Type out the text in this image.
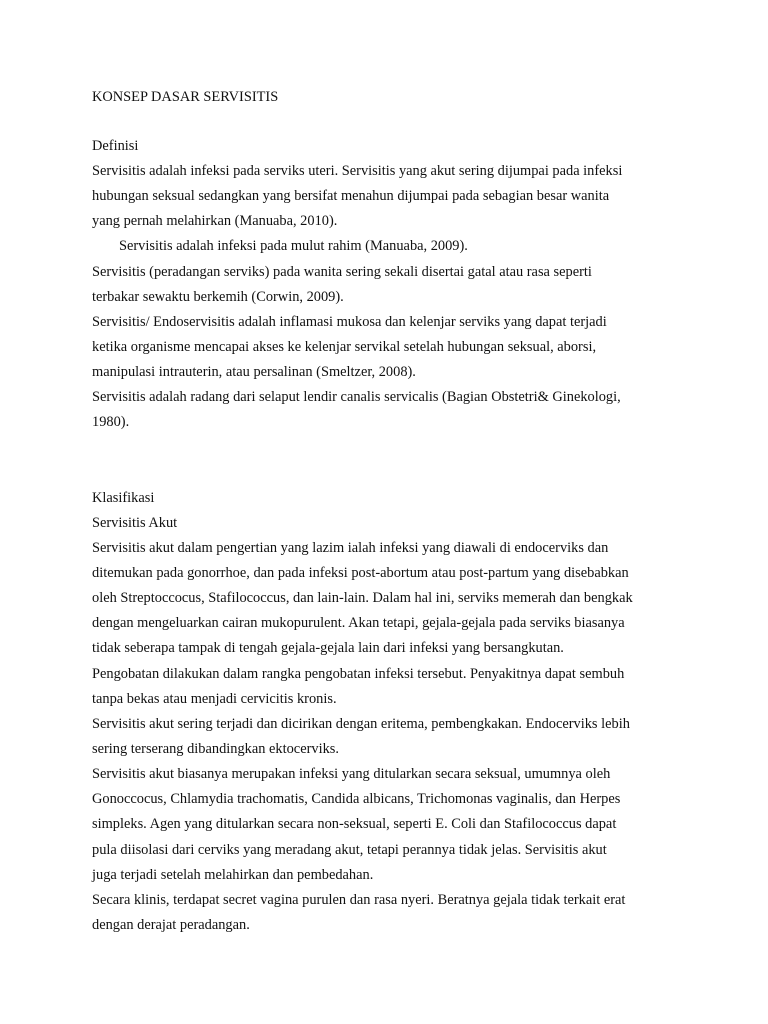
KONSEP DASAR SERVISITIS
Definisi
Servisitis adalah infeksi pada serviks uteri. Servisitis yang akut sering dijumpai pada infeksi
hubungan seksual sedangkan yang bersifat menahun dijumpai pada sebagian besar wanita
yang pernah melahirkan (Manuaba, 2010).
Servisitis adalah infeksi pada mulut rahim (Manuaba, 2009).
Servisitis (peradangan serviks) pada wanita sering sekali disertai gatal atau rasa seperti
terbakar sewaktu berkemih (Corwin, 2009).
Servisitis/ Endoservisitis adalah inflamasi mukosa dan kelenjar serviks yang dapat terjadi
ketika organisme mencapai akses ke kelenjar servikal setelah hubungan seksual, aborsi,
manipulasi intrauterin, atau persalinan (Smeltzer, 2008).
Servisitis adalah radang dari selaput lendir canalis servicalis (Bagian Obstetri& Ginekologi,
1980).
Klasifikasi
Servisitis Akut
Servisitis akut dalam pengertian yang lazim ialah infeksi yang diawali di endocerviks dan
ditemukan pada gonorrhoe, dan pada infeksi post-abortum atau post-partum yang disebabkan
oleh Streptoccocus, Stafilococcus, dan lain-lain. Dalam hal ini, serviks memerah dan bengkak
dengan mengeluarkan cairan mukopurulent. Akan tetapi, gejala-gejala pada serviks biasanya
tidak seberapa tampak di tengah gejala-gejala lain dari infeksi yang bersangkutan.
Pengobatan dilakukan dalam rangka pengobatan infeksi tersebut. Penyakitnya dapat sembuh
tanpa bekas atau menjadi cervicitis kronis.
Servisitis akut sering terjadi dan dicirikan dengan eritema, pembengkakan. Endocerviks lebih
sering terserang dibandingkan ektocerviks.
Servisitis akut biasanya merupakan infeksi yang ditularkan secara seksual, umumnya oleh
Gonoccocus, Chlamydia trachomatis, Candida albicans, Trichomonas vaginalis, dan Herpes
simpleks. Agen yang ditularkan secara non-seksual, seperti E. Coli dan Stafilococcus dapat
pula diisolasi dari cerviks yang meradang akut, tetapi perannya tidak jelas. Servisitis akut
juga terjadi setelah melahirkan dan pembedahan.
Secara klinis, terdapat secret vagina purulen dan rasa nyeri. Beratnya gejala tidak terkait erat
dengan derajat peradangan.
